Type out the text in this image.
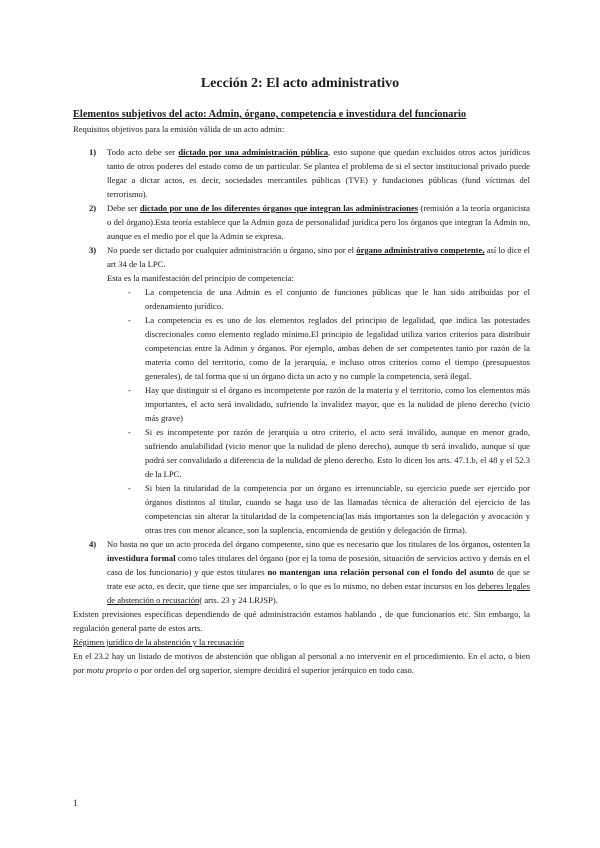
Lección 2: El acto administrativo

Elementos subjetivos del acto: Admin, órgano, competencia e investidura del funcionario

Requisitos objetivos para la emisión válida de un acto admin:

1) Todo acto debe ser dictado por una administración pública, esto supone que quedan excluidos otros actos jurídicos tanto de otros poderes del estado como de un particular. Se plantea el problema de si el sector institucional privado puede llegar a dictar actos, es decir, sociedades mercantiles públicas (TVE) y fundaciones públicas (fund víctimas del terrorismo).
2) Debe ser dictado por uno de los diferentes órganos que integran las administraciones (remisión a la teoría organicista o del órgano).Esta teoría establece que la Admin goza de personalidad jurídica pero los órganos que integran la Admin no, aunque es el medio por el que la Admin se expresa.
3) No puede ser dictado por cualquier administración u órgano, sino por el órgano administrativo competente, así lo dice el art 34 de la LPC.

Esta es la manifestación del principio de competencia:

-	La competencia de una Admin es el conjunto de funciones públicas que le han sido atribuidas por el ordenamiento jurídico.
-	La competencia es es uno de los elementos reglados del principio de legalidad, que indica las potestades discrecionales como elemento reglado mínimo.El principio de legalidad utiliza varios criterios para distribuir competencias entre la Admin y órganos. Por ejemplo, ambas deben de ser competentes tanto por razón de la materia como del territorio, como de la jerarquía, e incluso otros criterios como el tiempo (presupuestos generales), de tal forma que si un órgano dicta un acto y no cumple la competencia, será ilegal.
-	Hay que distinguir si el órgano es incompetente por razón de la materia y el territorio, como los elementos más importantes, el acto será invalidado, sufriendo la invalidez mayor, que es la nulidad de pleno derecho (vicio más grave)
-	Si es incompetente por razón de jerarquía u otro criterio, el acto será inválido, aunque en menor grado, sufriendo anulabilidad (vicio menor que la nulidad de pleno derecho), aunque tb será invalido, aunque sí que podrá ser convalidado a diferencia de la nulidad de pleno derecho. Esto lo dicen los arts. 47.1.b, el 48 y el 52.3 de la LPC.
-	Si bien la titularidad de la competencia por un órgano es irrenunciable, su ejercicio puede ser ejercido por órganos distintos al titular, cuando se haga uso de las llamadas técnica de alteración del ejercicio de las competencias sin alterar la titularidad de la competencia(las más importantes son la delegación y avocación y otras tres con menor alcance, son la suplencia, encomienda de gestión y delegación de firma).
4) No basta no que un acto proceda del órgano competente, sino que es necesario que los titulares de los órganos, ostenten la investidura formal como tales titulares del órgano (por ej la toma de posesión, situación de servicios activo y demás en el caso de los funcionario) y que estos titulares no mantengan una relación personal con el fondo del asunto de que se trate ese acto, es decir, que tiene que ser imparciales, o lo que es lo mismo, no deben estar incursos en los deberes legales de abstención o recusación( arts. 23 y 24 LRJSP).

Existen previsiones específicas dependiendo de qué administración estamos hablando , de que funcionarios etc. Sin embargo, la regulación general parte de estos arts.

Régimen jurídico de la abstención y la recusación

En el 23.2 hay un listado de motivos de abstención que obligan al personal a no intervenir en el procedimiento. En el acto, o bien por motu proprio o por orden del org superior, siempre decidirá el superior jerárquico en todo caso.

1
